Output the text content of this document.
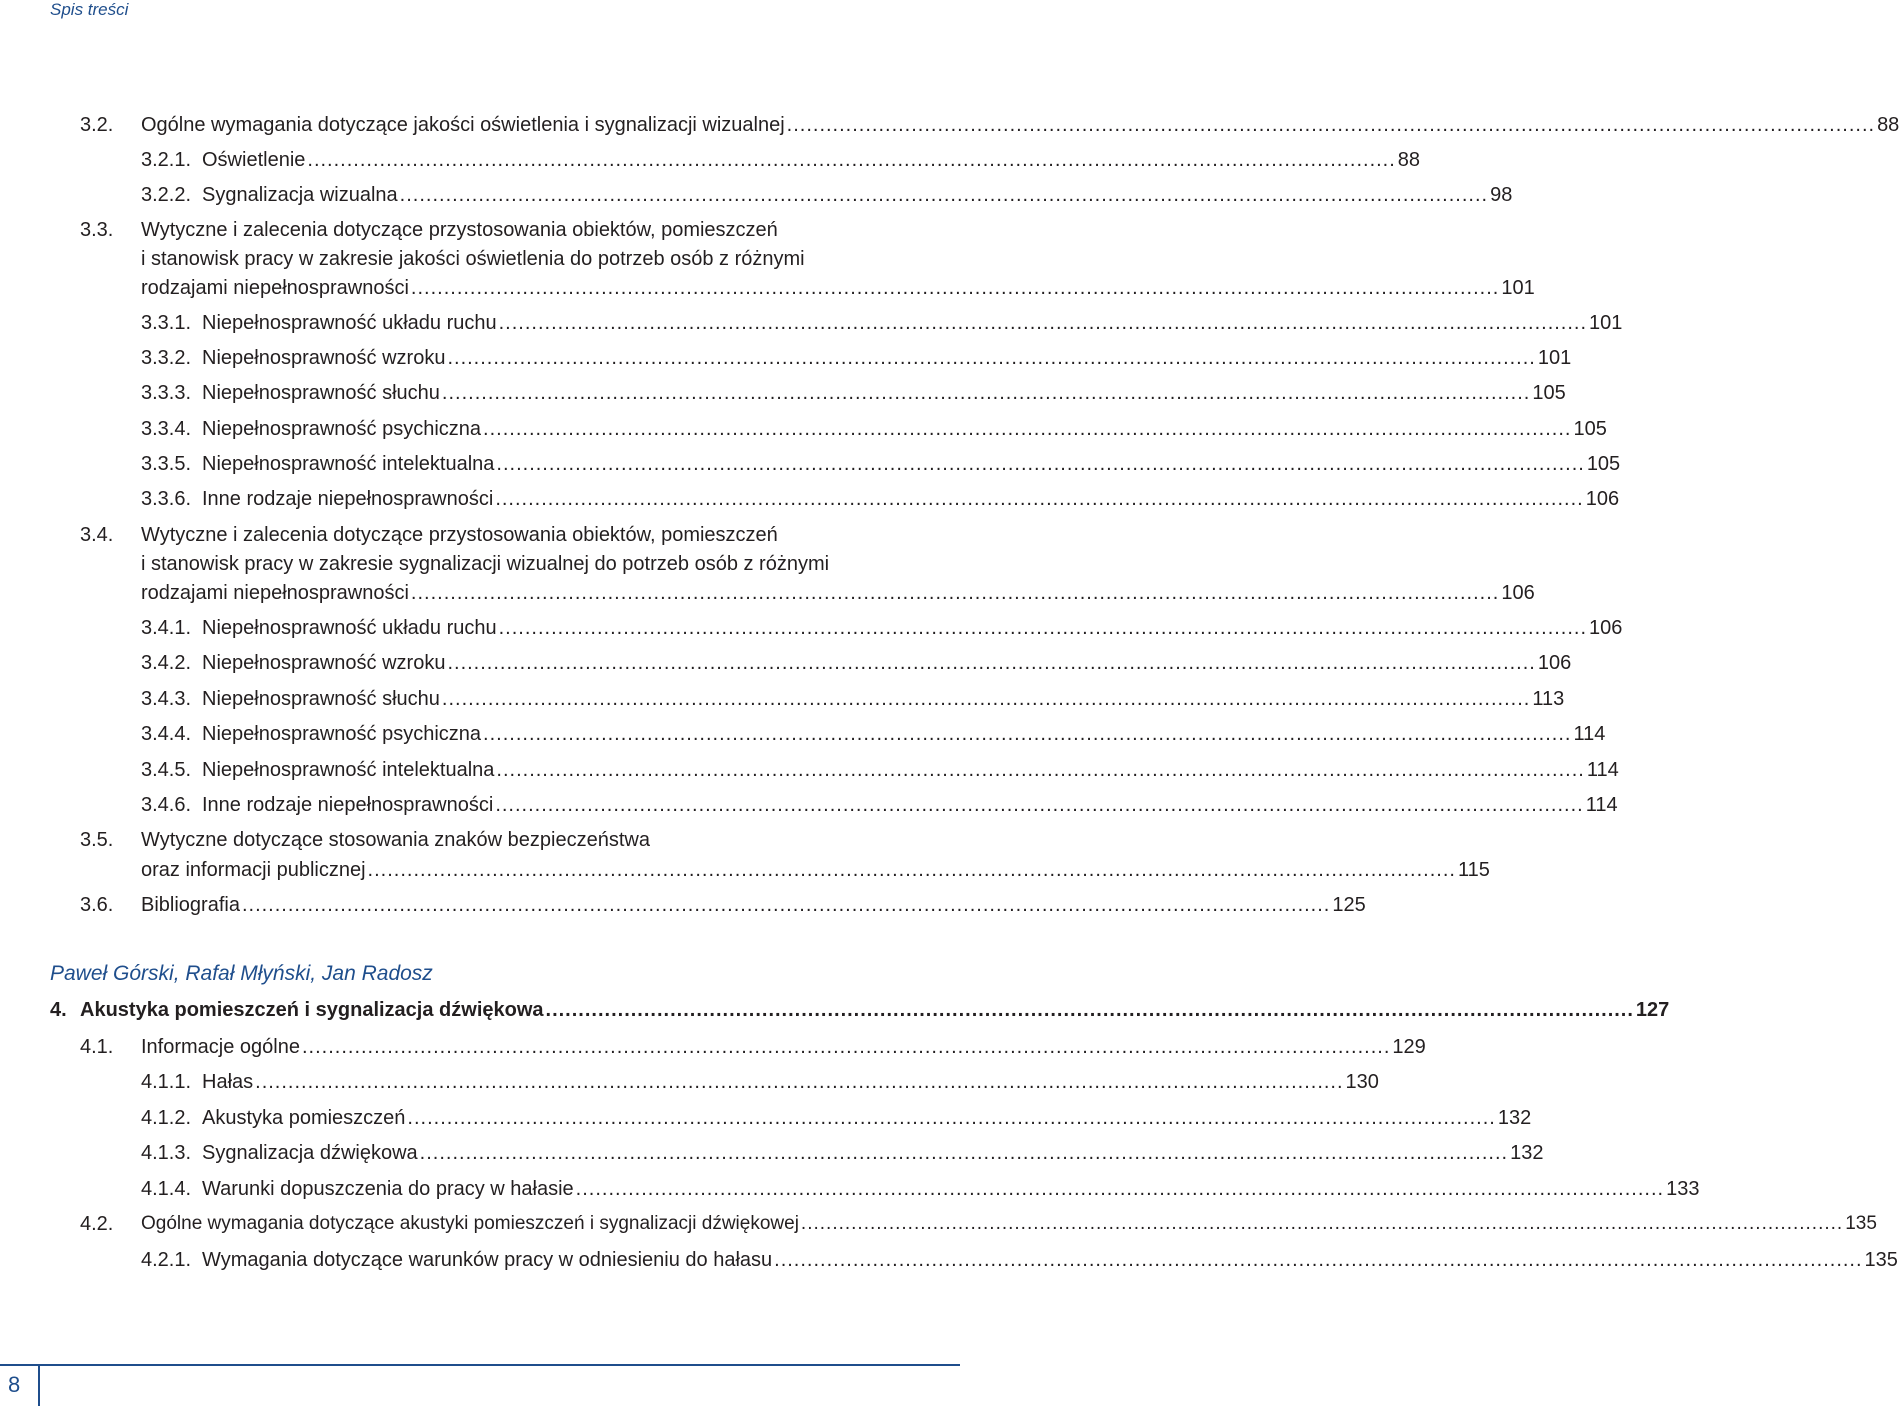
Spis treści
3.2. Ogólne wymagania dotyczące jakości oświetlenia i sygnalizacji wizualnej ...................................................................................................................................................................... 88
3.2.1. Oświetlenie ...................................................................................................................................................................... 88
3.2.2. Sygnalizacja wizualna ...................................................................................................................................................................... 98
3.3. Wytyczne i zalecenia dotyczące przystosowania obiektów, pomieszczeń
i stanowisk pracy w zakresie jakości oświetlenia do potrzeb osób z różnymi
rodzajami niepełnosprawności ...................................................................................................................................................................... 101
3.3.1. Niepełnosprawność układu ruchu ...................................................................................................................................................................... 101
3.3.2. Niepełnosprawność wzroku ...................................................................................................................................................................... 101
3.3.3. Niepełnosprawność słuchu ...................................................................................................................................................................... 105
3.3.4. Niepełnosprawność psychiczna ...................................................................................................................................................................... 105
3.3.5. Niepełnosprawność intelektualna ...................................................................................................................................................................... 105
3.3.6. Inne rodzaje niepełnosprawności ...................................................................................................................................................................... 106
3.4. Wytyczne i zalecenia dotyczące przystosowania obiektów, pomieszczeń
i stanowisk pracy w zakresie sygnalizacji wizualnej do potrzeb osób z różnymi
rodzajami niepełnosprawności ...................................................................................................................................................................... 106
3.4.1. Niepełnosprawność układu ruchu ...................................................................................................................................................................... 106
3.4.2. Niepełnosprawność wzroku ...................................................................................................................................................................... 106
3.4.3. Niepełnosprawność słuchu ...................................................................................................................................................................... 113
3.4.4. Niepełnosprawność psychiczna ...................................................................................................................................................................... 114
3.4.5. Niepełnosprawność intelektualna ...................................................................................................................................................................... 114
3.4.6. Inne rodzaje niepełnosprawności ...................................................................................................................................................................... 114
3.5. Wytyczne dotyczące stosowania znaków bezpieczeństwa
oraz informacji publicznej ...................................................................................................................................................................... 115
3.6. Bibliografia ...................................................................................................................................................................... 125
Paweł Górski, Rafał Młyński, Jan Radosz
4. Akustyka pomieszczeń i sygnalizacja dźwiękowa ...................................................................................................................................................................... 127
4.1. Informacje ogólne ...................................................................................................................................................................... 129
4.1.1. Hałas ...................................................................................................................................................................... 130
4.1.2. Akustyka pomieszczeń ...................................................................................................................................................................... 132
4.1.3. Sygnalizacja dźwiękowa ...................................................................................................................................................................... 132
4.1.4. Warunki dopuszczenia do pracy w hałasie ...................................................................................................................................................................... 133
4.2. Ogólne wymagania dotyczące akustyki pomieszczeń i sygnalizacji dźwiękowej ...................................................................................................................................................................... 135
4.2.1. Wymagania dotyczące warunków pracy w odniesieniu do hałasu ...................................................................................................................................................................... 135
8
